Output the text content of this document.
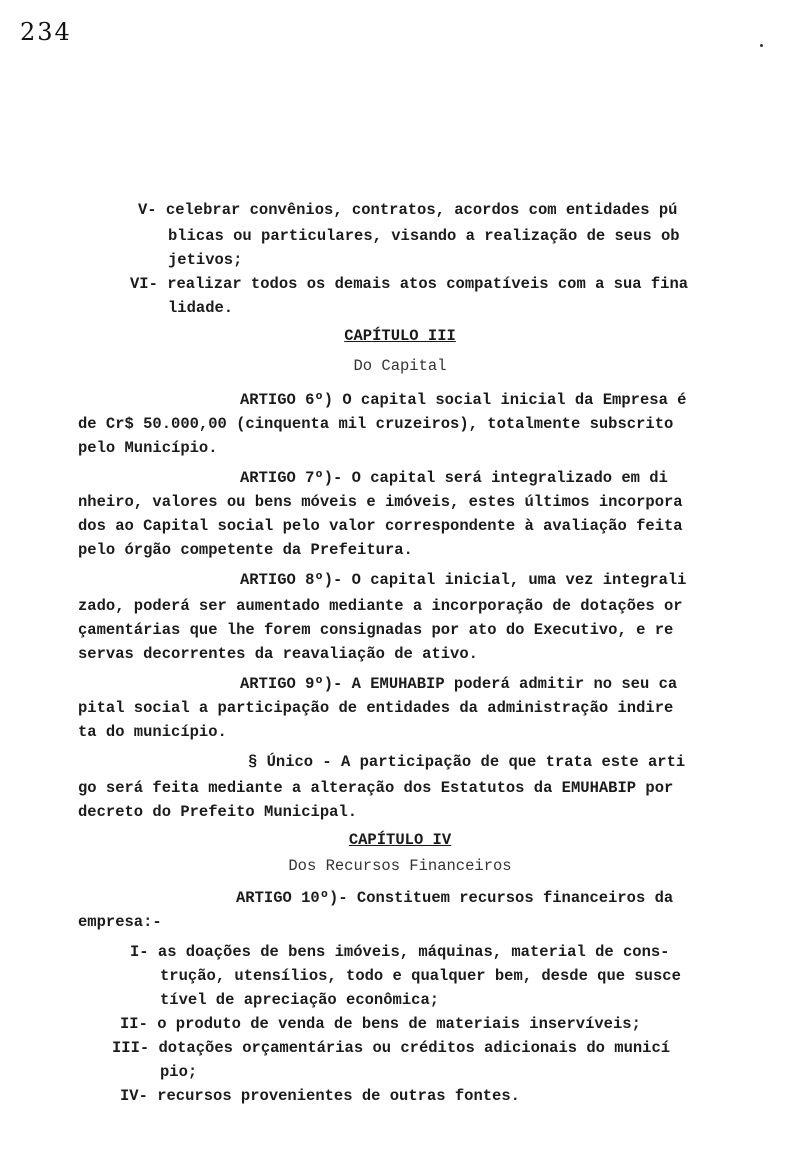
234
V- celebrar convênios, contratos, acordos com entidades pú
blicas ou particulares, visando a realização de seus ob
jetivos;
VI- realizar todos os demais atos compatíveis com a sua fina
lidade.
CAPÍTULO III
Do Capital
ARTIGO 6º) O capital social inicial da Empresa é
de Cr$ 50.000,00 (cinquenta mil cruzeiros), totalmente subscrito
pelo Município.
ARTIGO 7º)- O capital será integralizado em di
nheiro, valores ou bens móveis e imóveis, estes últimos incorpora
dos ao Capital social pelo valor correspondente à avaliação feita
pelo órgão competente da Prefeitura.
ARTIGO 8º)- O capital inicial, uma vez integrali
zado, poderá ser aumentado mediante a incorporação de dotações or
çamentárias que lhe forem consignadas por ato do Executivo, e re
servas decorrentes da reavaliação de ativo.
ARTIGO 9º)- A EMUHABIP poderá admitir no seu ca
pital social a participação de entidades da administração indire
ta do município.
§ Único - A participação de que trata este arti
go será feita mediante a alteração dos Estatutos da EMUHABIP por
decreto do Prefeito Municipal.
CAPÍTULO IV
Dos Recursos Financeiros
ARTIGO 10º)- Constituem recursos financeiros da
empresa:-
I- as doações de bens imóveis, máquinas, material de cons-
trução, utensílios, todo e qualquer bem, desde que susce
tível de apreciação econômica;
II- o produto de venda de bens de materiais inservíveis;
III- dotações orçamentárias ou créditos adicionais do municí
pio;
IV- recursos provenientes de outras fontes.
